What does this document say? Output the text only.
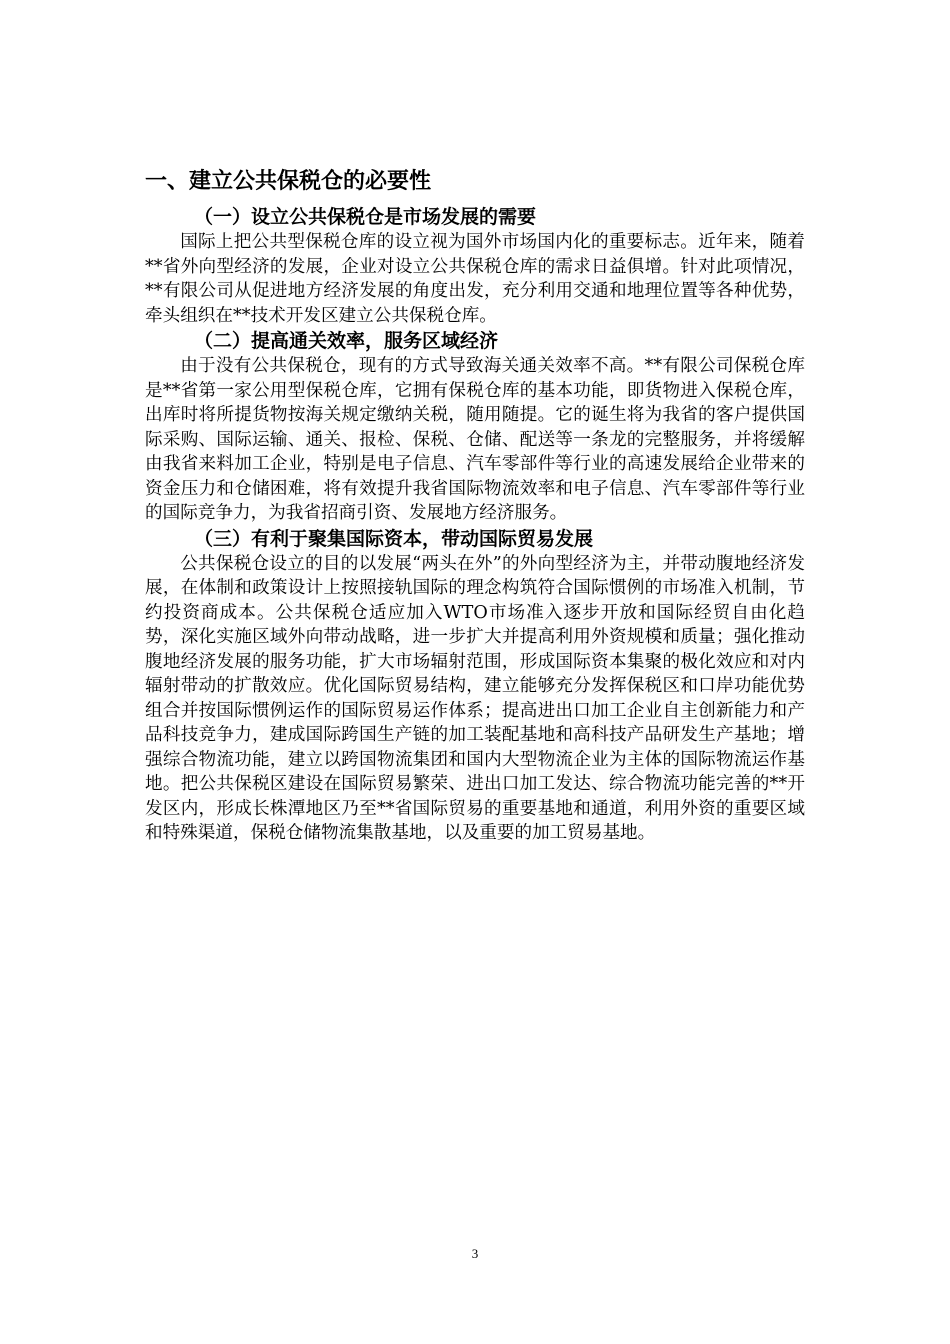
一、建立公共保税仓的必要性
（一）设立公共保税仓是市场发展的需要

国际上把公共型保税仓库的设立视为国外市场国内化的重要标志。近年来，随着**省外向型经济的发展，企业对设立公共保税仓库的需求日益俱增。针对此项情况，**有限公司从促进地方经济发展的角度出发，充分利用交通和地理位置等各种优势，牵头组织在**技术开发区建立公共保税仓库。

（二）提高通关效率，服务区域经济

由于没有公共保税仓，现有的方式导致海关通关效率不高。**有限公司保税仓库是**省第一家公用型保税仓库，它拥有保税仓库的基本功能，即货物进入保税仓库，出库时将所提货物按海关规定缴纳关税，随用随提。它的诞生将为我省的客户提供国际采购、国际运输、通关、报检、保税、仓储、配送等一条龙的完整服务，并将缓解由我省来料加工企业，特别是电子信息、汽车零部件等行业的高速发展给企业带来的资金压力和仓储困难，将有效提升我省国际物流效率和电子信息、汽车零部件等行业的国际竞争力，为我省招商引资、发展地方经济服务。

（三）有利于聚集国际资本，带动国际贸易发展

公共保税仓设立的目的以发展“两头在外”的外向型经济为主，并带动腹地经济发展，在体制和政策设计上按照接轨国际的理念构筑符合国际惯例的市场准入机制，节约投资商成本。公共保税仓适应加入WTO市场准入逐步开放和国际经贸自由化趋势，深化实施区域外向带动战略，进一步扩大并提高利用外资规模和质量；强化推动腹地经济发展的服务功能，扩大市场辐射范围，形成国际资本集聚的极化效应和对内辐射带动的扩散效应。优化国际贸易结构，建立能够充分发挥保税区和口岸功能优势组合并按国际惯例运作的国际贸易运作体系；提高进出口加工企业自主创新能力和产品科技竞争力，建成国际跨国生产链的加工装配基地和高科技产品研发生产基地；增强综合物流功能，建立以跨国物流集团和国内大型物流企业为主体的国际物流运作基地。把公共保税区建设在国际贸易繁荣、进出口加工发达、综合物流功能完善的**开发区内，形成长株潭地区乃至**省国际贸易的重要基地和通道，利用外资的重要区域和特殊渠道，保税仓储物流集散基地，以及重要的加工贸易基地。

3
